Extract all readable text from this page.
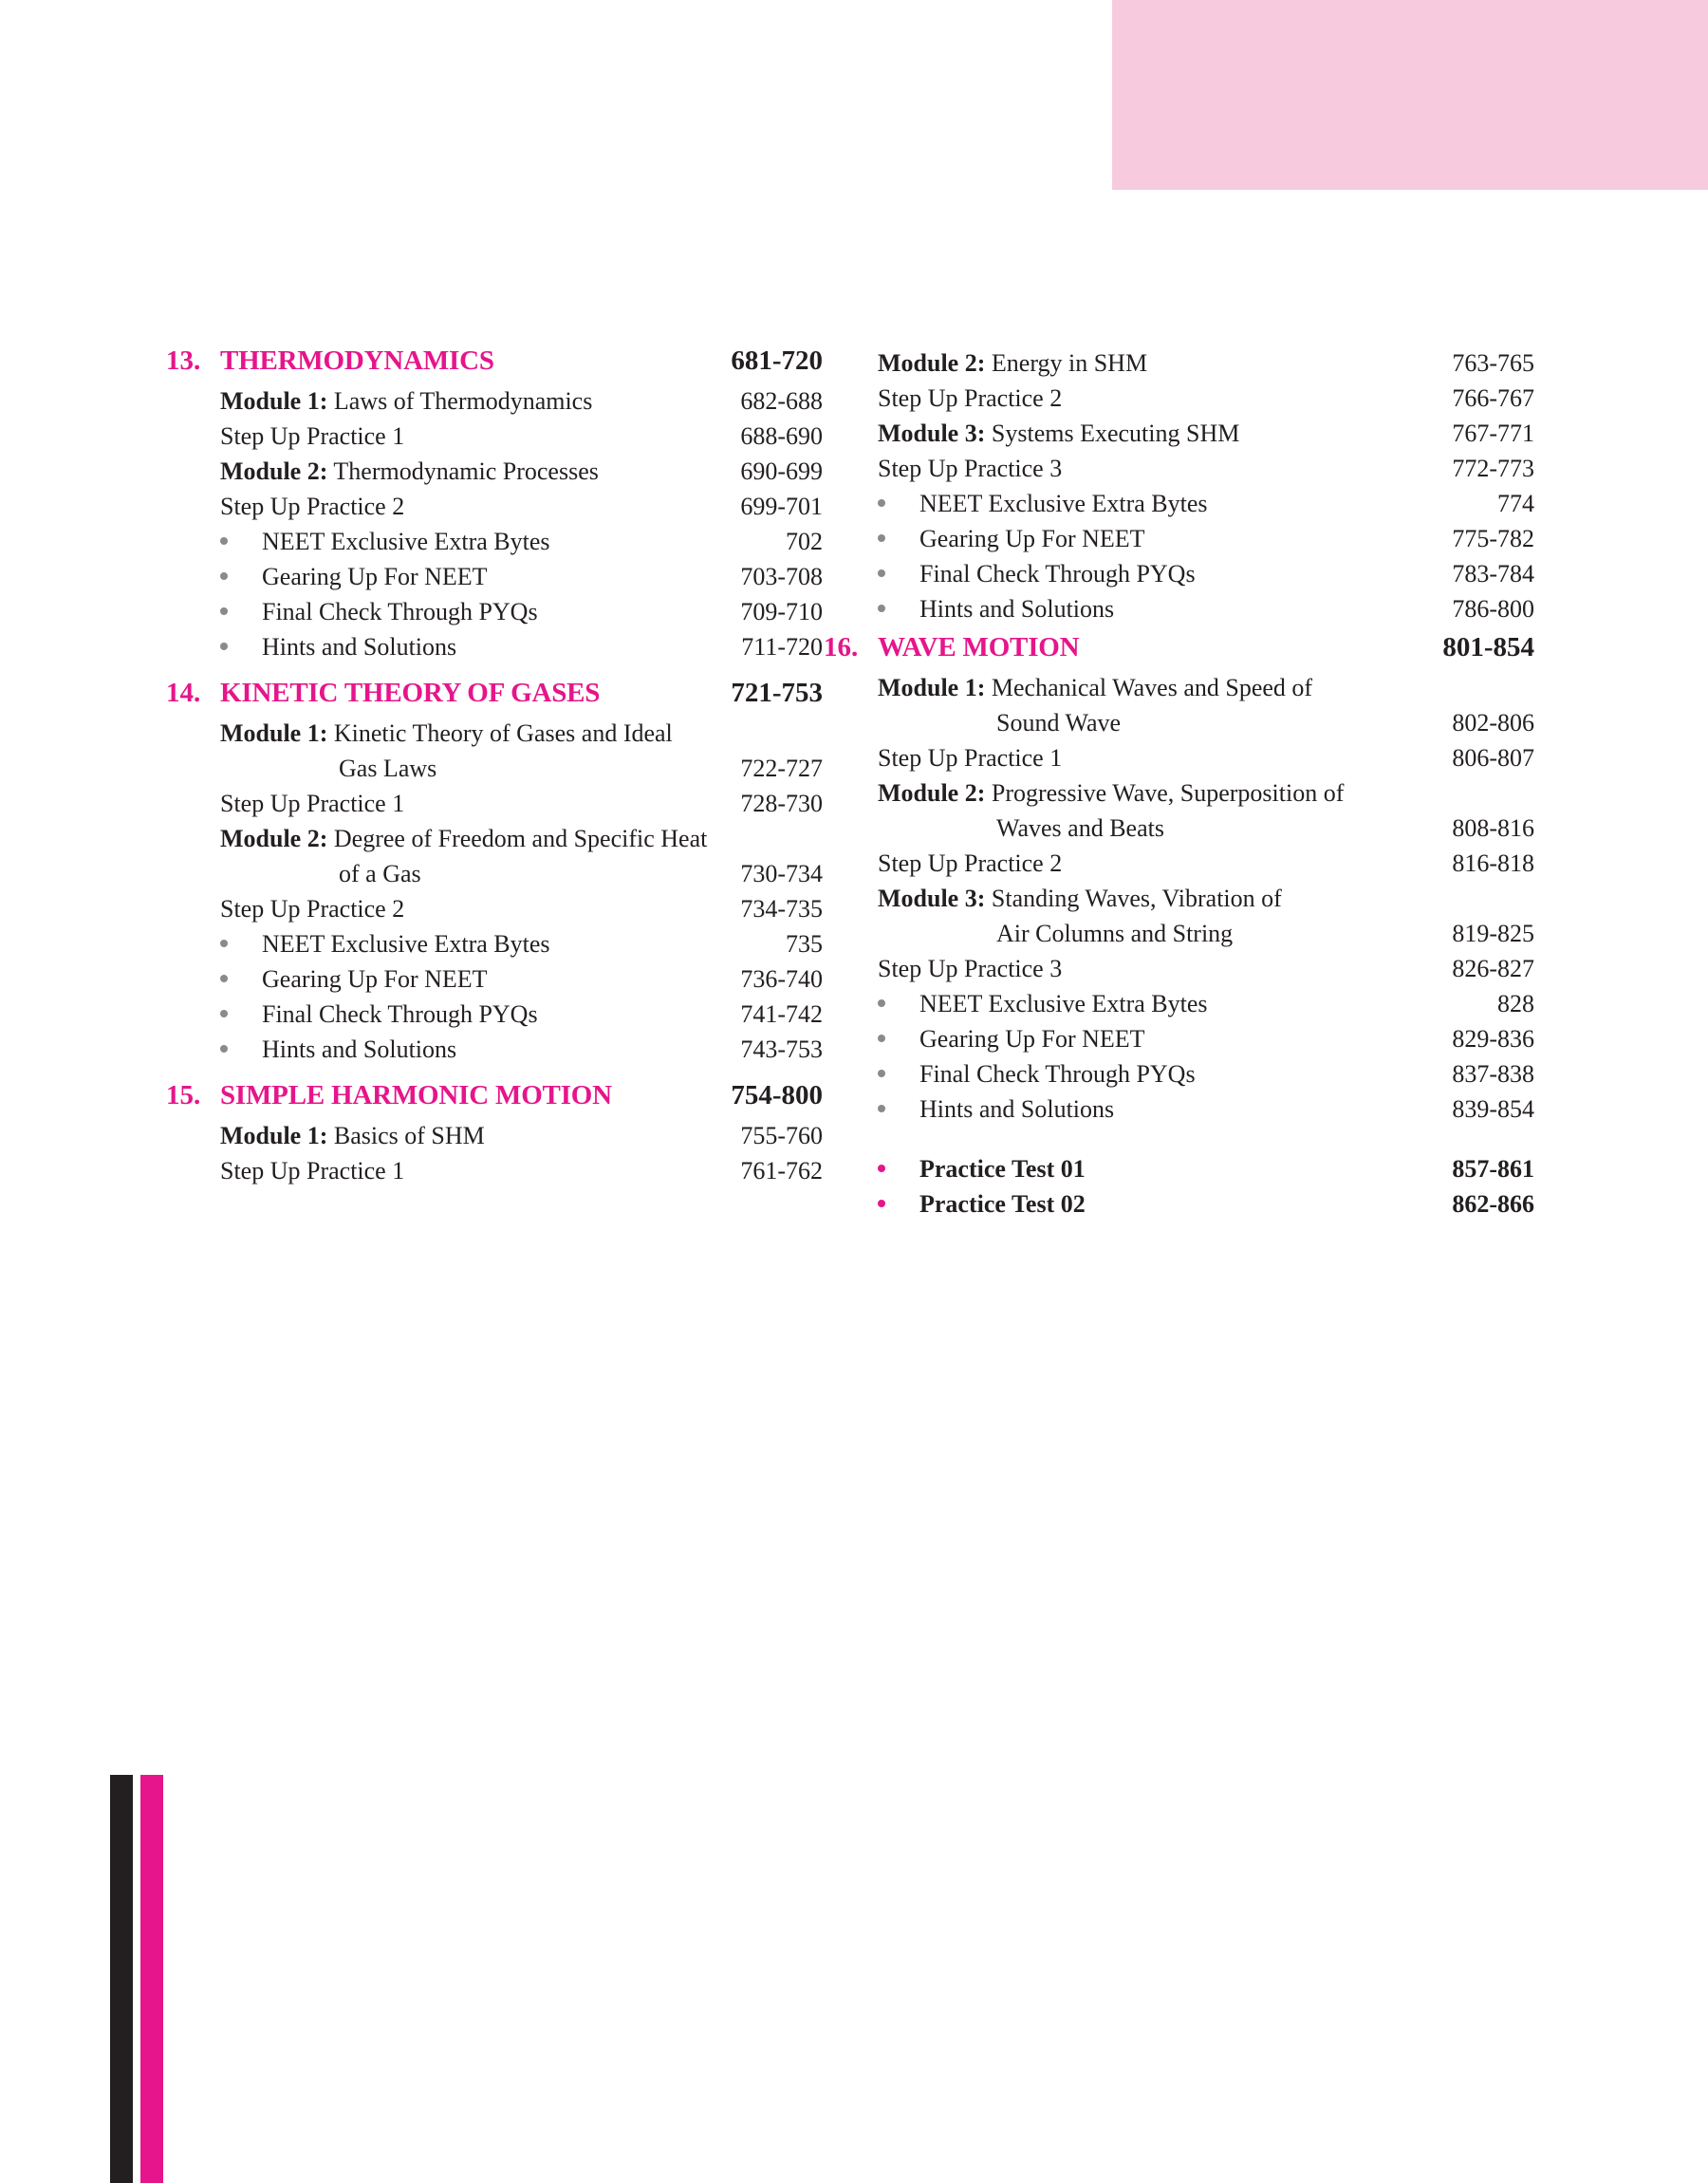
13. THERMODYNAMICS	681-720
Module 1: Laws of Thermodynamics	682-688
Step Up Practice 1	688-690
Module 2: Thermodynamic Processes	690-699
Step Up Practice 2	699-701
NEET Exclusive Extra Bytes	702
Gearing Up For NEET	703-708
Final Check Through PYQs	709-710
Hints and Solutions	711-720
14. KINETIC THEORY OF GASES	721-753
Module 1: Kinetic Theory of Gases and Ideal
Gas Laws	722-727
Step Up Practice 1	728-730
Module 2: Degree of Freedom and Specific Heat
of a Gas	730-734
Step Up Practice 2	734-735
NEET Exclusive Extra Bytes	735
Gearing Up For NEET	736-740
Final Check Through PYQs	741-742
Hints and Solutions	743-753
15. SIMPLE HARMONIC MOTION	754-800
Module 1: Basics of SHM	755-760
Step Up Practice 1	761-762
Module 2: Energy in SHM	763-765
Step Up Practice 2	766-767
Module 3: Systems Executing SHM	767-771
Step Up Practice 3	772-773
NEET Exclusive Extra Bytes	774
Gearing Up For NEET	775-782
Final Check Through PYQs	783-784
Hints and Solutions	786-800
16. WAVE MOTION	801-854
Module 1: Mechanical Waves and Speed of
Sound Wave	802-806
Step Up Practice 1	806-807
Module 2: Progressive Wave, Superposition of
Waves and Beats	808-816
Step Up Practice 2	816-818
Module 3: Standing Waves, Vibration of
Air Columns and String	819-825
Step Up Practice 3	826-827
NEET Exclusive Extra Bytes	828
Gearing Up For NEET	829-836
Final Check Through PYQs	837-838
Hints and Solutions	839-854
Practice Test 01	857-861
Practice Test 02	862-866
